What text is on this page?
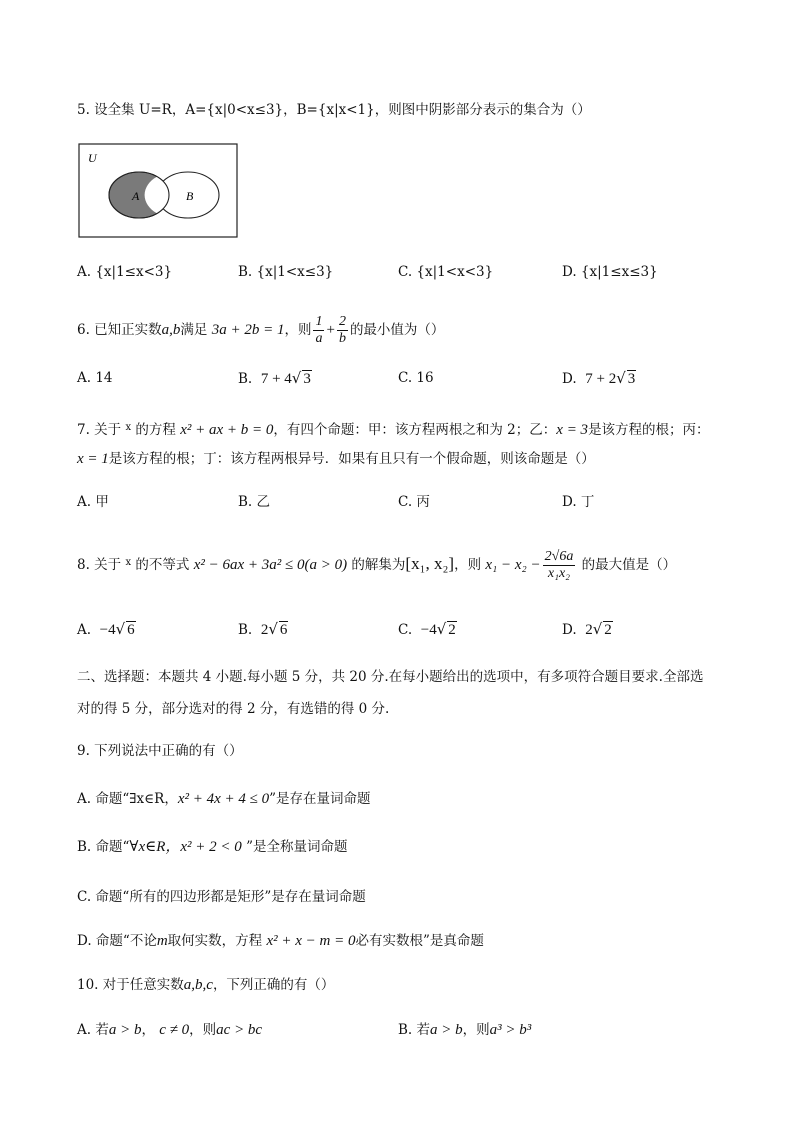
5. 设全集 U=R，A={x|0<x≤3}，B={x|x<1}，则图中阴影部分表示的集合为（）
U
A	B
A. {x|1≤x<3}	B. {x|1<x≤3}	C. {x|1<x<3}	D. {x|1≤x≤3}
6. 已知正实数a,b满足 3a + 2b = 1，则 $\frac{1}{a} + \frac{2}{b}$ 的最小值为（）
A. 14	B. 7 + 4√ 3	C. 16	D. 7 + 2√ 3
7. 关于 $^x$ 的方程 x² + ax + b = 0，有四个命题：甲：该方程两根之和为 2；乙：x = 3是该方程的根；丙：
x = 1是该方程的根；丁：该方程两根异号．如果有且只有一个假命题，则该命题是（）
A. 甲	B. 乙	C. 丙	D. 丁
8. 关于 $^x$ 的不等式 x² − 6ax + 3a² ≤ 0(a > 0) 的解集为[x₁, x₂]，则 $x_1 - x_2 - \frac{2√6a}{\text{x₁x₂}}$ 的最大值是（）
A. −4√ 6	B. 2√ 6	C. −4√ 2	D. 2√ 2
二、选择题：本题共 4 小题.每小题 5 分，共 20 分.在每小题给出的选项中，有多项符合题目要求.全部选
对的得 5 分，部分选对的得 2 分，有选错的得 0 分.
9. 下列说法中正确的有（）
A. 命题“∃x∈R，x² + 4x + 4 ≤ 0”是存在量词命题
B. 命题“∀x∈R，x² + 2 < 0 ”是全称量词命题
C. 命题“所有的四边形都是矩形”是存在量词命题
D. 命题“不论m取何实数，方程 x² + x − m = 0必有实数根”是真命题
10. 对于任意实数a,b,c，下列正确的有（）
A. 若a > b， c ≠ 0，则ac > bc	B. 若a > b，则a³ > b³
